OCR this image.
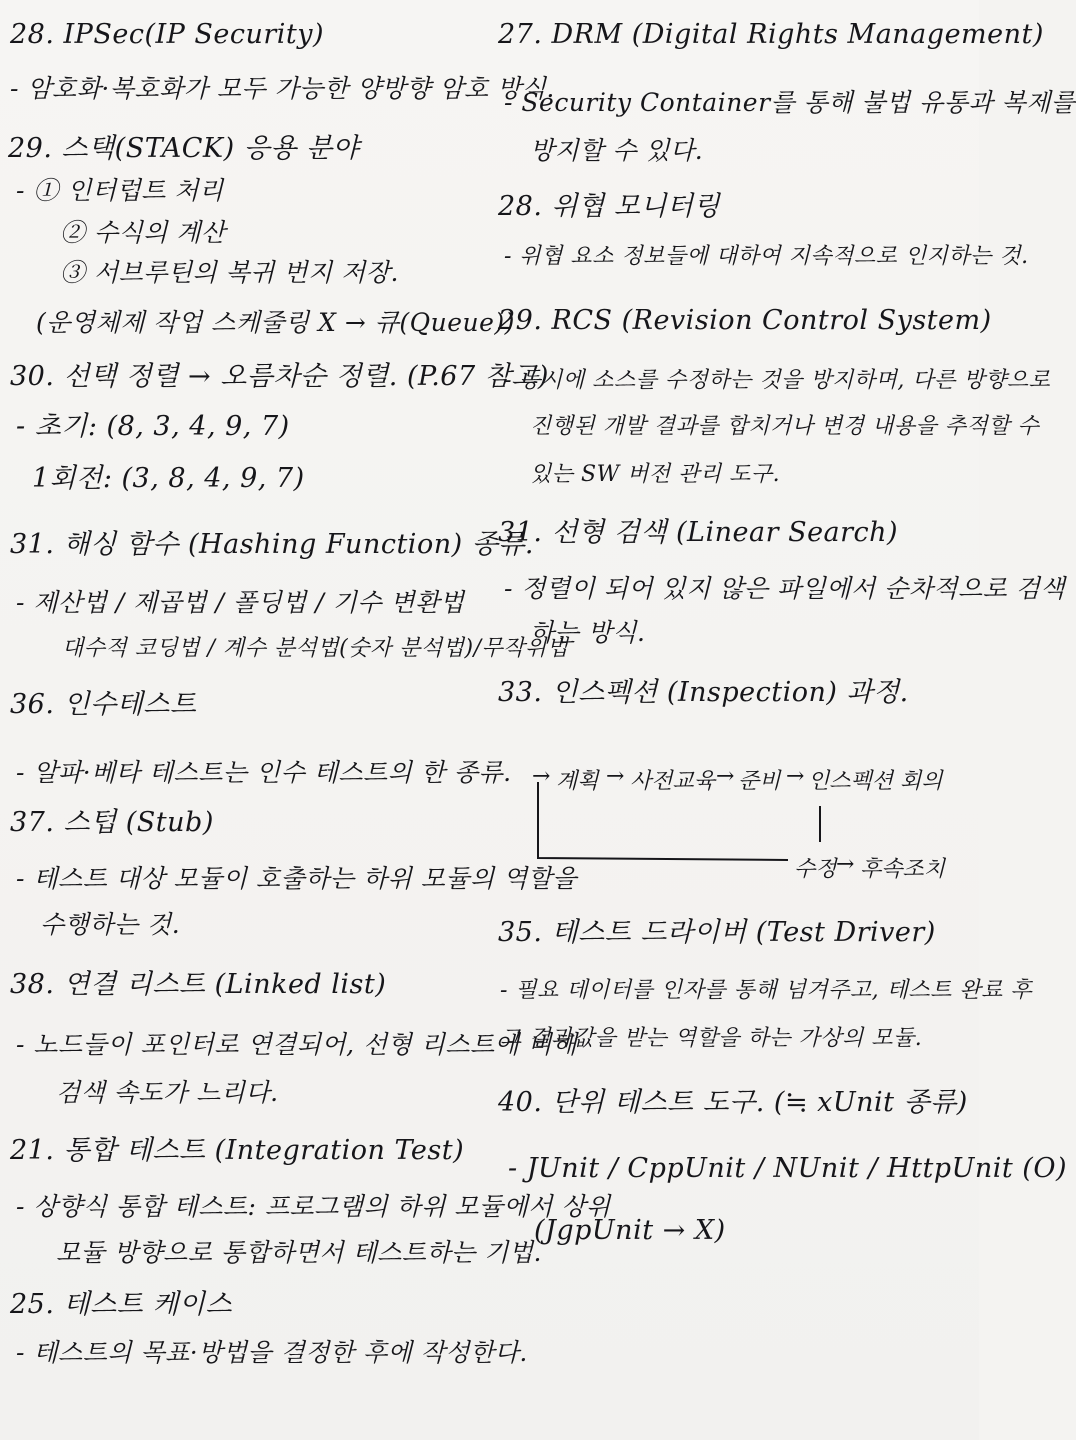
28. IPSec(IP Security)
- 암호화·복호화가 모두 가능한 양방향 암호 방식.
29. 스택(STACK) 응용 분야
- ① 인터럽트 처리
② 수식의 계산
③ 서브루틴의 복귀 번지 저장.
(운영체제 작업 스케줄링 X → 큐(Queue))
30. 선택 정렬 → 오름차순 정렬. (P.67 참고)
- 초기: (8, 3, 4, 9, 7)
1회전: (3, 8, 4, 9, 7)
31. 해싱 함수 (Hashing Function) 종류.
- 제산법 / 제곱법 / 폴딩법 / 기수 변환법
대수적 코딩법 / 계수 분석법(숫자 분석법)/무작위법
36. 인수테스트
- 알파·베타 테스트는 인수 테스트의 한 종류.
37. 스텁 (Stub)
- 테스트 대상 모듈이 호출하는 하위 모듈의 역할을
수행하는 것.
38. 연결 리스트 (Linked list)
- 노드들이 포인터로 연결되어, 선형 리스트에 비해
검색 속도가 느리다.
21. 통합 테스트 (Integration Test)
- 상향식 통합 테스트: 프로그램의 하위 모듈에서 상위
모듈 방향으로 통합하면서 테스트하는 기법.
25. 테스트 케이스
- 테스트의 목표·방법을 결정한 후에 작성한다.
27. DRM (Digital Rights Management)
- Security Container를 통해 불법 유통과 복제를
방지할 수 있다.
28. 위협 모니터링
- 위협 요소 정보들에 대하여 지속적으로 인지하는 것.
29. RCS (Revision Control System)
- 동시에 소스를 수정하는 것을 방지하며, 다른 방향으로
진행된 개발 결과를 합치거나 변경 내용을 추적할 수
있는 SW 버전 관리 도구.
31. 선형 검색 (Linear Search)
- 정렬이 되어 있지 않은 파일에서 순차적으로 검색
하는 방식.
33. 인스펙션 (Inspection) 과정.
35. 테스트 드라이버 (Test Driver)
- 필요 데이터를 인자를 통해 넘겨주고, 테스트 완료 후
그 결과값을 받는 역할을 하는 가상의 모듈.
40. 단위 테스트 도구. (≒ xUnit 종류)
- JUnit / CppUnit / NUnit / HttpUnit (O)
(JgpUnit → X)
→ 계획 → 사전교육 → 준비 → 인스펙션 회의
수정 → 후속조치
